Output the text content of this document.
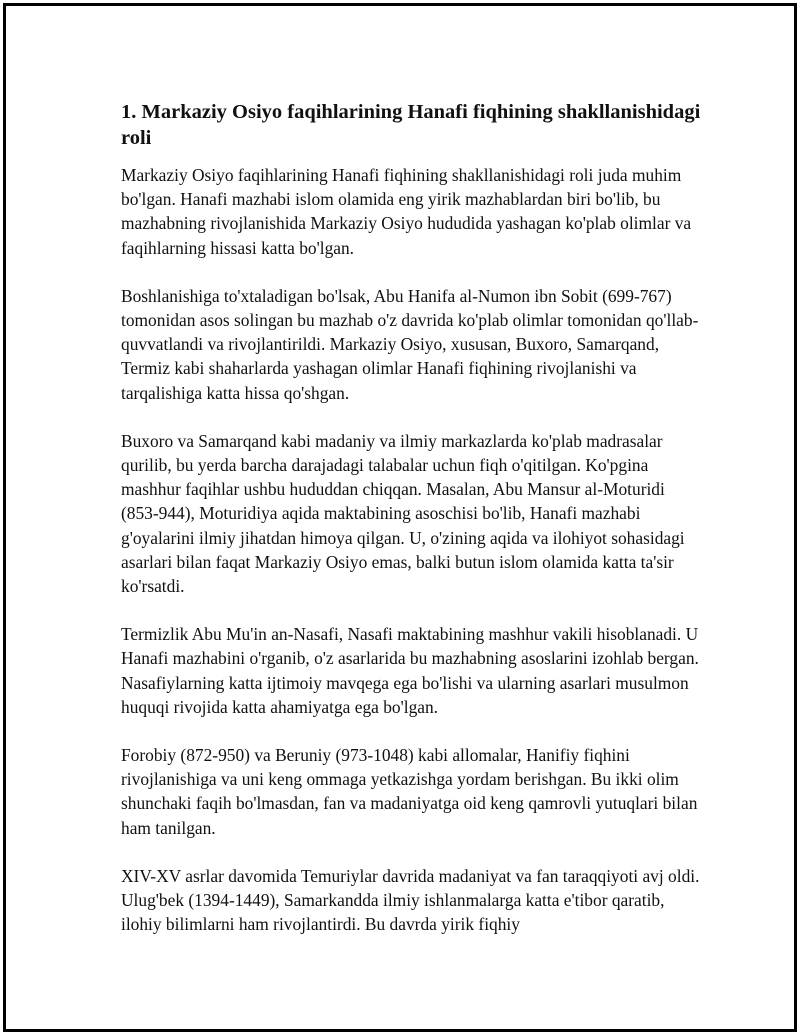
1. Markaziy Osiyo faqihlarining Hanafi fiqhining shakllanishidagi roli

Markaziy Osiyo faqihlarining Hanafi fiqhining shakllanishidagi roli juda muhim bo'lgan. Hanafi mazhabi islom olamida eng yirik mazhablardan biri bo'lib, bu mazhabning rivojlanishida Markaziy Osiyo hududida yashagan ko'plab olimlar va faqihlarning hissasi katta bo'lgan.

Boshlanishiga to'xtaladigan bo'lsak, Abu Hanifa al-Numon ibn Sobit (699-767) tomonidan asos solingan bu mazhab o'z davrida ko'plab olimlar tomonidan qo'llab-quvvatlandi va rivojlantirildi. Markaziy Osiyo, xususan, Buxoro, Samarqand, Termiz kabi shaharlarda yashagan olimlar Hanafi fiqhining rivojlanishi va tarqalishiga katta hissa qo'shgan.

Buxoro va Samarqand kabi madaniy va ilmiy markazlarda ko'plab madrasalar qurilib, bu yerda barcha darajadagi talabalar uchun fiqh o'qitilgan. Ko'pgina mashhur faqihlar ushbu hududdan chiqqan. Masalan, Abu Mansur al-Moturidi (853-944), Moturidiya aqida maktabining asoschisi bo'lib, Hanafi mazhabi g'oyalarini ilmiy jihatdan himoya qilgan. U, o'zining aqida va ilohiyot sohasidagi asarlari bilan faqat Markaziy Osiyo emas, balki butun islom olamida katta ta'sir ko'rsatdi.

Termizlik Abu Mu'in an-Nasafi, Nasafi maktabining mashhur vakili hisoblanadi. U Hanafi mazhabini o'rganib, o'z asarlarida bu mazhabning asoslarini izohlab bergan. Nasafiylarning katta ijtimoiy mavqega ega bo'lishi va ularning asarlari musulmon huquqi rivojida katta ahamiyatga ega bo'lgan.

Forobiy (872-950) va Beruniy (973-1048) kabi allomalar, Hanifiy fiqhini rivojlanishiga va uni keng ommaga yetkazishga yordam berishgan. Bu ikki olim shunchaki faqih bo'lmasdan, fan va madaniyatga oid keng qamrovli yutuqlari bilan ham tanilgan.

XIV-XV asrlar davomida Temuriylar davrida madaniyat va fan taraqqiyoti avj oldi. Ulug'bek (1394-1449), Samarkandda ilmiy ishlanmalarga katta e'tibor qaratib, ilohiy bilimlarni ham rivojlantirdi. Bu davrda yirik fiqhiy
